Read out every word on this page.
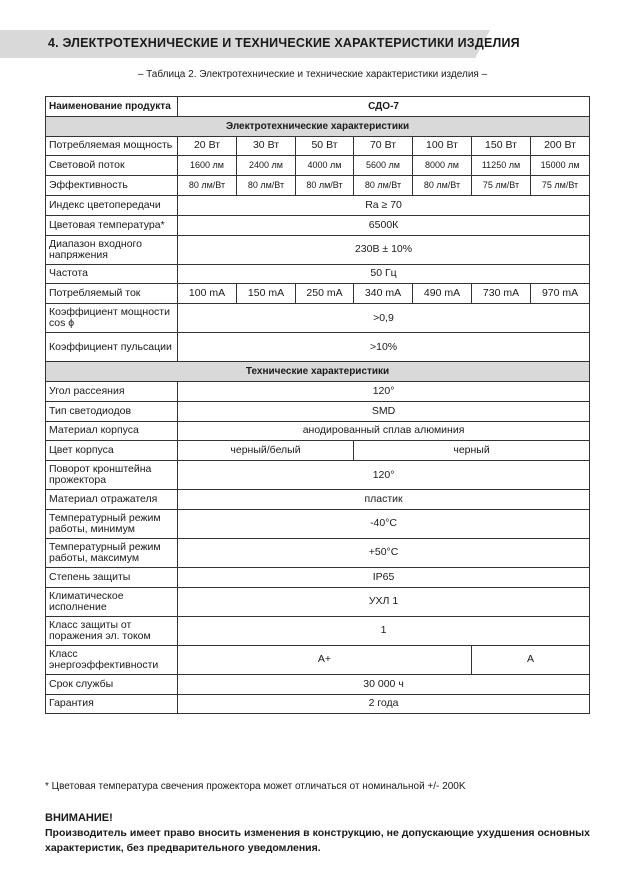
4. ЭЛЕКТРОТЕХНИЧЕСКИЕ И ТЕХНИЧЕСКИЕ ХАРАКТЕРИСТИКИ ИЗДЕЛИЯ
– Таблица 2. Электротехнические и технические характеристики изделия –
Наименование продукта	СДО-7						
Электротехнические характеристики							
Потребляемая мощность	20 Вт	30 Вт	50 Вт	70 Вт	100 Вт	150 Вт	200 Вт
Световой поток	1600 лм	2400 лм	4000 лм	5600 лм	8000 лм	11250 лм	15000 лм
Эффективность	80 лм/Вт	80 лм/Вт	80 лм/Вт	80 лм/Вт	80 лм/Вт	75 лм/Вт	75 лм/Вт
Индекс цветопередачи	Ra ≥ 70						
Цветовая температура*	6500К						
Диапазон входного напряжения	230В ± 10%						
Частота	50 Гц						
Потребляемый ток	100 mA	150 mA	250 mA	340 mA	490 mA	730 mA	970 mA
Коэффициент мощности cos ϕ	>0,9						
Коэффициент пульсации	>10%						
Технические характеристики							
Угол рассеяния	120°						
Тип светодиодов	SMD						
Материал корпуса	анодированный сплав алюминия						
Цвет корпуса	черный/белый			черный			
Поворот кронштейна прожектора	120°						
Материал отражателя	пластик						
Температурный режим работы, минимум	-40°С						
Температурный режим работы, максимум	+50°С						
Степень защиты	IP65						
Климатическое исполнение	УХЛ 1						
Класс защиты от поражения эл. током	1						
Класс энергоэффективности	А+					А	
Срок службы	30 000 ч						
Гарантия	2 года						
* Цветовая температура свечения прожектора может отличаться от номинальной +/- 200K
ВНИМАНИЕ!
Производитель имеет право вносить изменения в конструкцию, не допускающие ухудшения основных характеристик, без предварительного уведомления.
